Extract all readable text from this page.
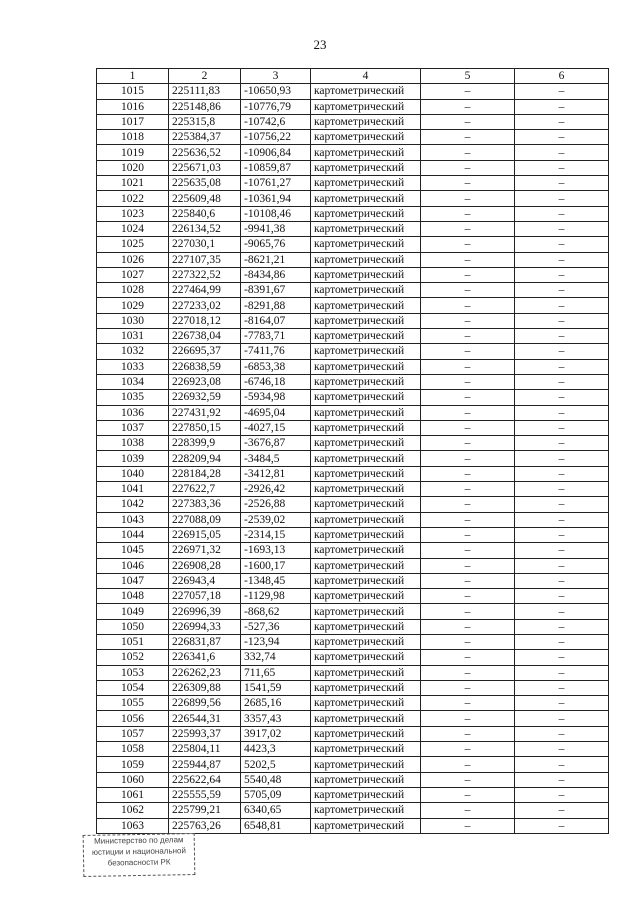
23
1	2	3	4	5	6
1015	225111,83	-10650,93	картометрический	–	–
1016	225148,86	-10776,79	картометрический	–	–
1017	225315,8	-10742,6	картометрический	–	–
1018	225384,37	-10756,22	картометрический	–	–
1019	225636,52	-10906,84	картометрический	–	–
1020	225671,03	-10859,87	картометрический	–	–
1021	225635,08	-10761,27	картометрический	–	–
1022	225609,48	-10361,94	картометрический	–	–
1023	225840,6	-10108,46	картометрический	–	–
1024	226134,52	-9941,38	картометрический	–	–
1025	227030,1	-9065,76	картометрический	–	–
1026	227107,35	-8621,21	картометрический	–	–
1027	227322,52	-8434,86	картометрический	–	–
1028	227464,99	-8391,67	картометрический	–	–
1029	227233,02	-8291,88	картометрический	–	–
1030	227018,12	-8164,07	картометрический	–	–
1031	226738,04	-7783,71	картометрический	–	–
1032	226695,37	-7411,76	картометрический	–	–
1033	226838,59	-6853,38	картометрический	–	–
1034	226923,08	-6746,18	картометрический	–	–
1035	226932,59	-5934,98	картометрический	–	–
1036	227431,92	-4695,04	картометрический	–	–
1037	227850,15	-4027,15	картометрический	–	–
1038	228399,9	-3676,87	картометрический	–	–
1039	228209,94	-3484,5	картометрический	–	–
1040	228184,28	-3412,81	картометрический	–	–
1041	227622,7	-2926,42	картометрический	–	–
1042	227383,36	-2526,88	картометрический	–	–
1043	227088,09	-2539,02	картометрический	–	–
1044	226915,05	-2314,15	картометрический	–	–
1045	226971,32	-1693,13	картометрический	–	–
1046	226908,28	-1600,17	картометрический	–	–
1047	226943,4	-1348,45	картометрический	–	–
1048	227057,18	-1129,98	картометрический	–	–
1049	226996,39	-868,62	картометрический	–	–
1050	226994,33	-527,36	картометрический	–	–
1051	226831,87	-123,94	картометрический	–	–
1052	226341,6	332,74	картометрический	–	–
1053	226262,23	711,65	картометрический	–	–
1054	226309,88	1541,59	картометрический	–	–
1055	226899,56	2685,16	картометрический	–	–
1056	226544,31	3357,43	картометрический	–	–
1057	225993,37	3917,02	картометрический	–	–
1058	225804,11	4423,3	картометрический	–	–
1059	225944,87	5202,5	картометрический	–	–
1060	225622,64	5540,48	картометрический	–	–
1061	225555,59	5705,09	картометрический	–	–
1062	225799,21	6340,65	картометрический	–	–
1063	225763,26	6548,81	картометрический	–	–
Министерство по делам
юстиции и национальной
безопасности РК
